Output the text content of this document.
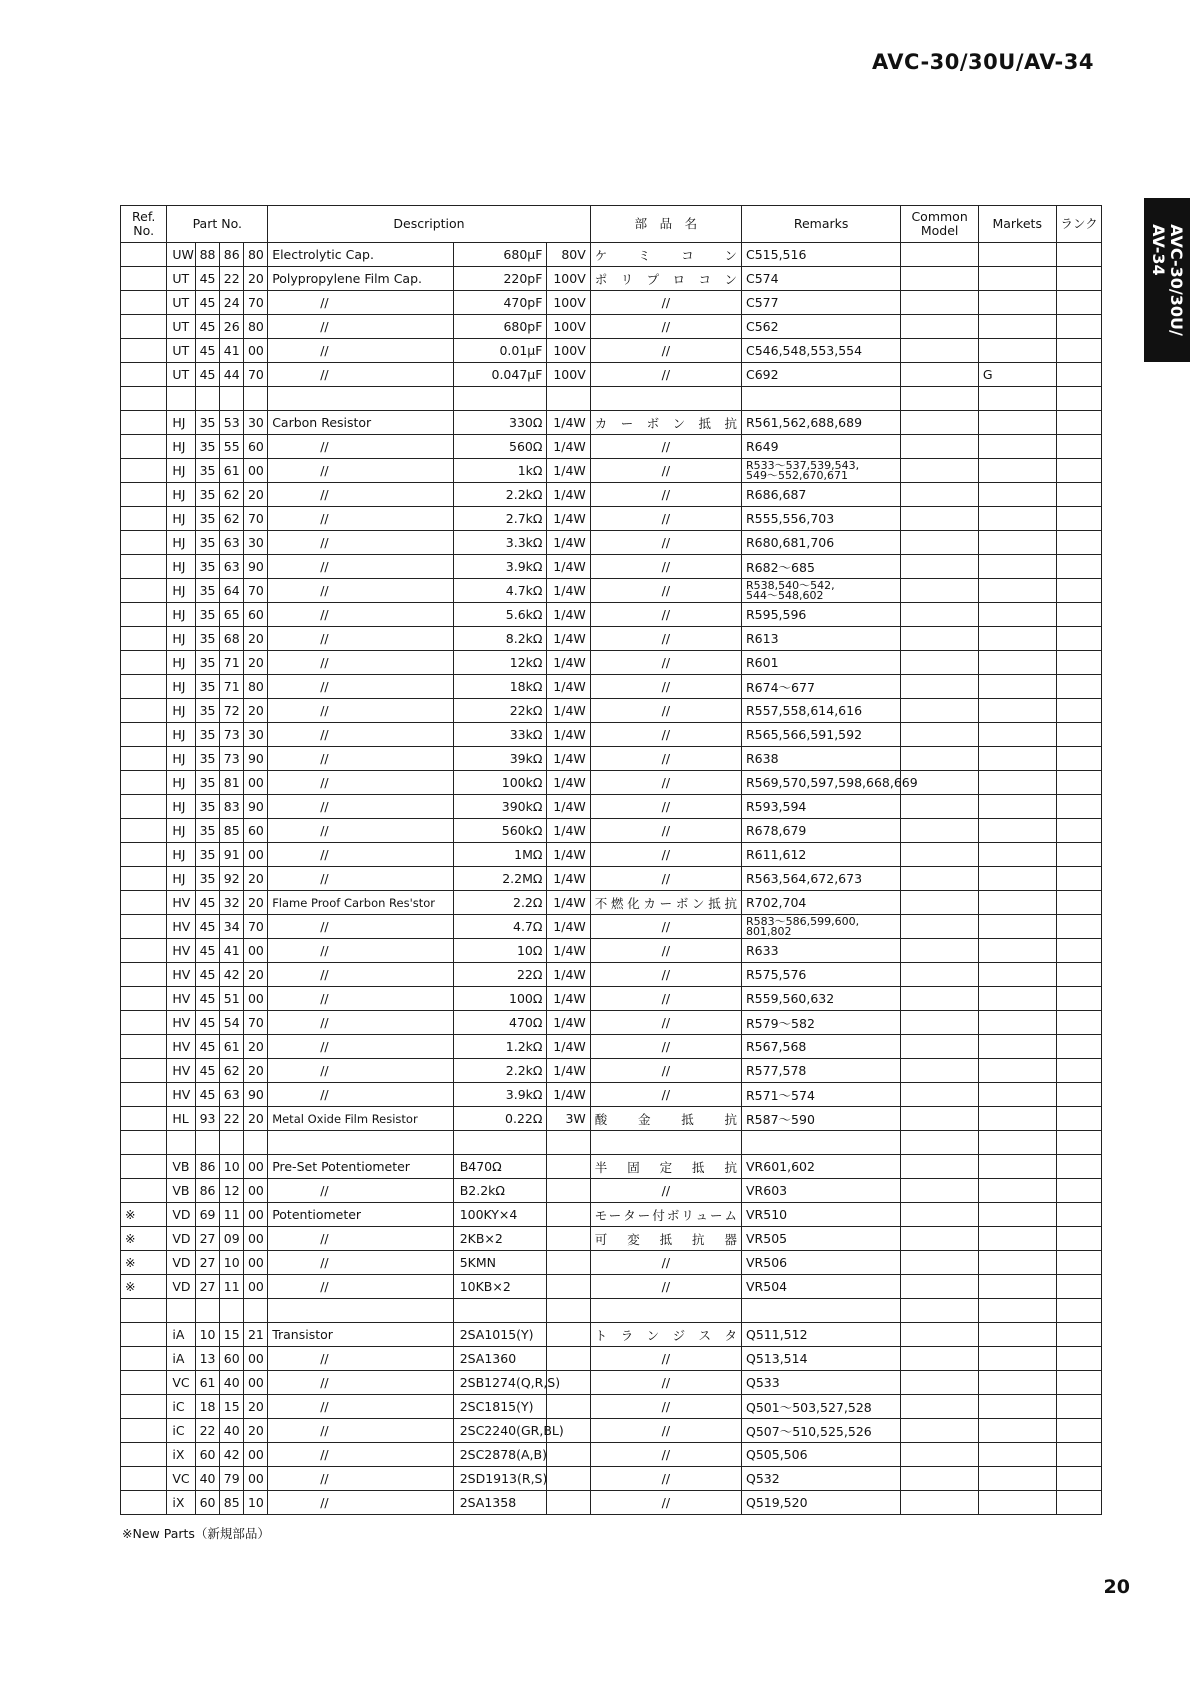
AVC-30/30U/AV-34
AVC-30/30U/
AV-34
Ref.
No.	Part No.				Description			部　品　名	Remarks	Common
Model	Markets	ランク
	UW	88	86	80	Electrolytic Cap.	680μF	80V	ケ ミ コ ン	C515,516			

	UT	45	22	20	Polypropylene Film Cap.	220pF	100V	ポ リ プ ロ コ ン	C574			

	UT	45	24	70	//	470pF	100V	//	C577			

	UT	45	26	80	//	680pF	100V	//	C562			

	UT	45	41	00	//	0.01μF	100V	//	C546,548,553,554			

	UT	45	44	70	//	0.047μF	100V	//	C692		G	

	HJ	35	53	30	Carbon Resistor	330Ω	1/4W	カ ー ボ ン 抵 抗	R561,562,688,689			

	HJ	35	55	60	//	560Ω	1/4W	//	R649			

	HJ	35	61	00	//	1kΩ	1/4W	//	R533～537,539,543,
549～552,670,671			

	HJ	35	62	20	//	2.2kΩ	1/4W	//	R686,687			

	HJ	35	62	70	//	2.7kΩ	1/4W	//	R555,556,703			

	HJ	35	63	30	//	3.3kΩ	1/4W	//	R680,681,706			

	HJ	35	63	90	//	3.9kΩ	1/4W	//	R682～685			

	HJ	35	64	70	//	4.7kΩ	1/4W	//	R538,540～542,
544～548,602			

	HJ	35	65	60	//	5.6kΩ	1/4W	//	R595,596			

	HJ	35	68	20	//	8.2kΩ	1/4W	//	R613			

	HJ	35	71	20	//	12kΩ	1/4W	//	R601			

	HJ	35	71	80	//	18kΩ	1/4W	//	R674～677			

	HJ	35	72	20	//	22kΩ	1/4W	//	R557,558,614,616			

	HJ	35	73	30	//	33kΩ	1/4W	//	R565,566,591,592			

	HJ	35	73	90	//	39kΩ	1/4W	//	R638			

	HJ	35	81	00	//	100kΩ	1/4W	//	R569,570,597,598,668,669			

	HJ	35	83	90	//	390kΩ	1/4W	//	R593,594			

	HJ	35	85	60	//	560kΩ	1/4W	//	R678,679			

	HJ	35	91	00	//	1MΩ	1/4W	//	R611,612			

	HJ	35	92	20	//	2.2MΩ	1/4W	//	R563,564,672,673			

	HV	45	32	20	Flame Proof Carbon Res'stor	2.2Ω	1/4W	不燃化カーボン抵抗	R702,704			

	HV	45	34	70	//	4.7Ω	1/4W	//	R583～586,599,600,
801,802			

	HV	45	41	00	//	10Ω	1/4W	//	R633			

	HV	45	42	20	//	22Ω	1/4W	//	R575,576			

	HV	45	51	00	//	100Ω	1/4W	//	R559,560,632			

	HV	45	54	70	//	470Ω	1/4W	//	R579～582			

	HV	45	61	20	//	1.2kΩ	1/4W	//	R567,568			

	HV	45	62	20	//	2.2kΩ	1/4W	//	R577,578			

	HV	45	63	90	//	3.9kΩ	1/4W	//	R571～574			

	HL	93	22	20	Metal Oxide Film Resistor	0.22Ω	3W	酸 金 抵 抗	R587～590			

	VB	86	10	00	Pre-Set Potentiometer	B470Ω		半 固 定 抵 抗	VR601,602			

	VB	86	12	00	//	B2.2kΩ		//	VR603			

※	VD	69	11	00	Potentiometer	100KY×4		モーター付ボリューム	VR510			

※	VD	27	09	00	//	2KB×2		可 変 抵 抗 器	VR505			

※	VD	27	10	00	//	5KMN		//	VR506			

※	VD	27	11	00	//	10KB×2		//	VR504			

	iA	10	15	21	Transistor	2SA1015(Y)		ト ラ ン ジ ス タ	Q511,512			

	iA	13	60	00	//	2SA1360		//	Q513,514			

	VC	61	40	00	//	2SB1274(Q,R,S)		//	Q533			

	iC	18	15	20	//	2SC1815(Y)		//	Q501～503,527,528			

	iC	22	40	20	//	2SC2240(GR,BL)		//	Q507～510,525,526			

	iX	60	42	00	//	2SC2878(A,B)		//	Q505,506			

	VC	40	79	00	//	2SD1913(R,S)		//	Q532			

	iX	60	85	10	//	2SA1358		//	Q519,520			

※New Parts（新規部品）
20
